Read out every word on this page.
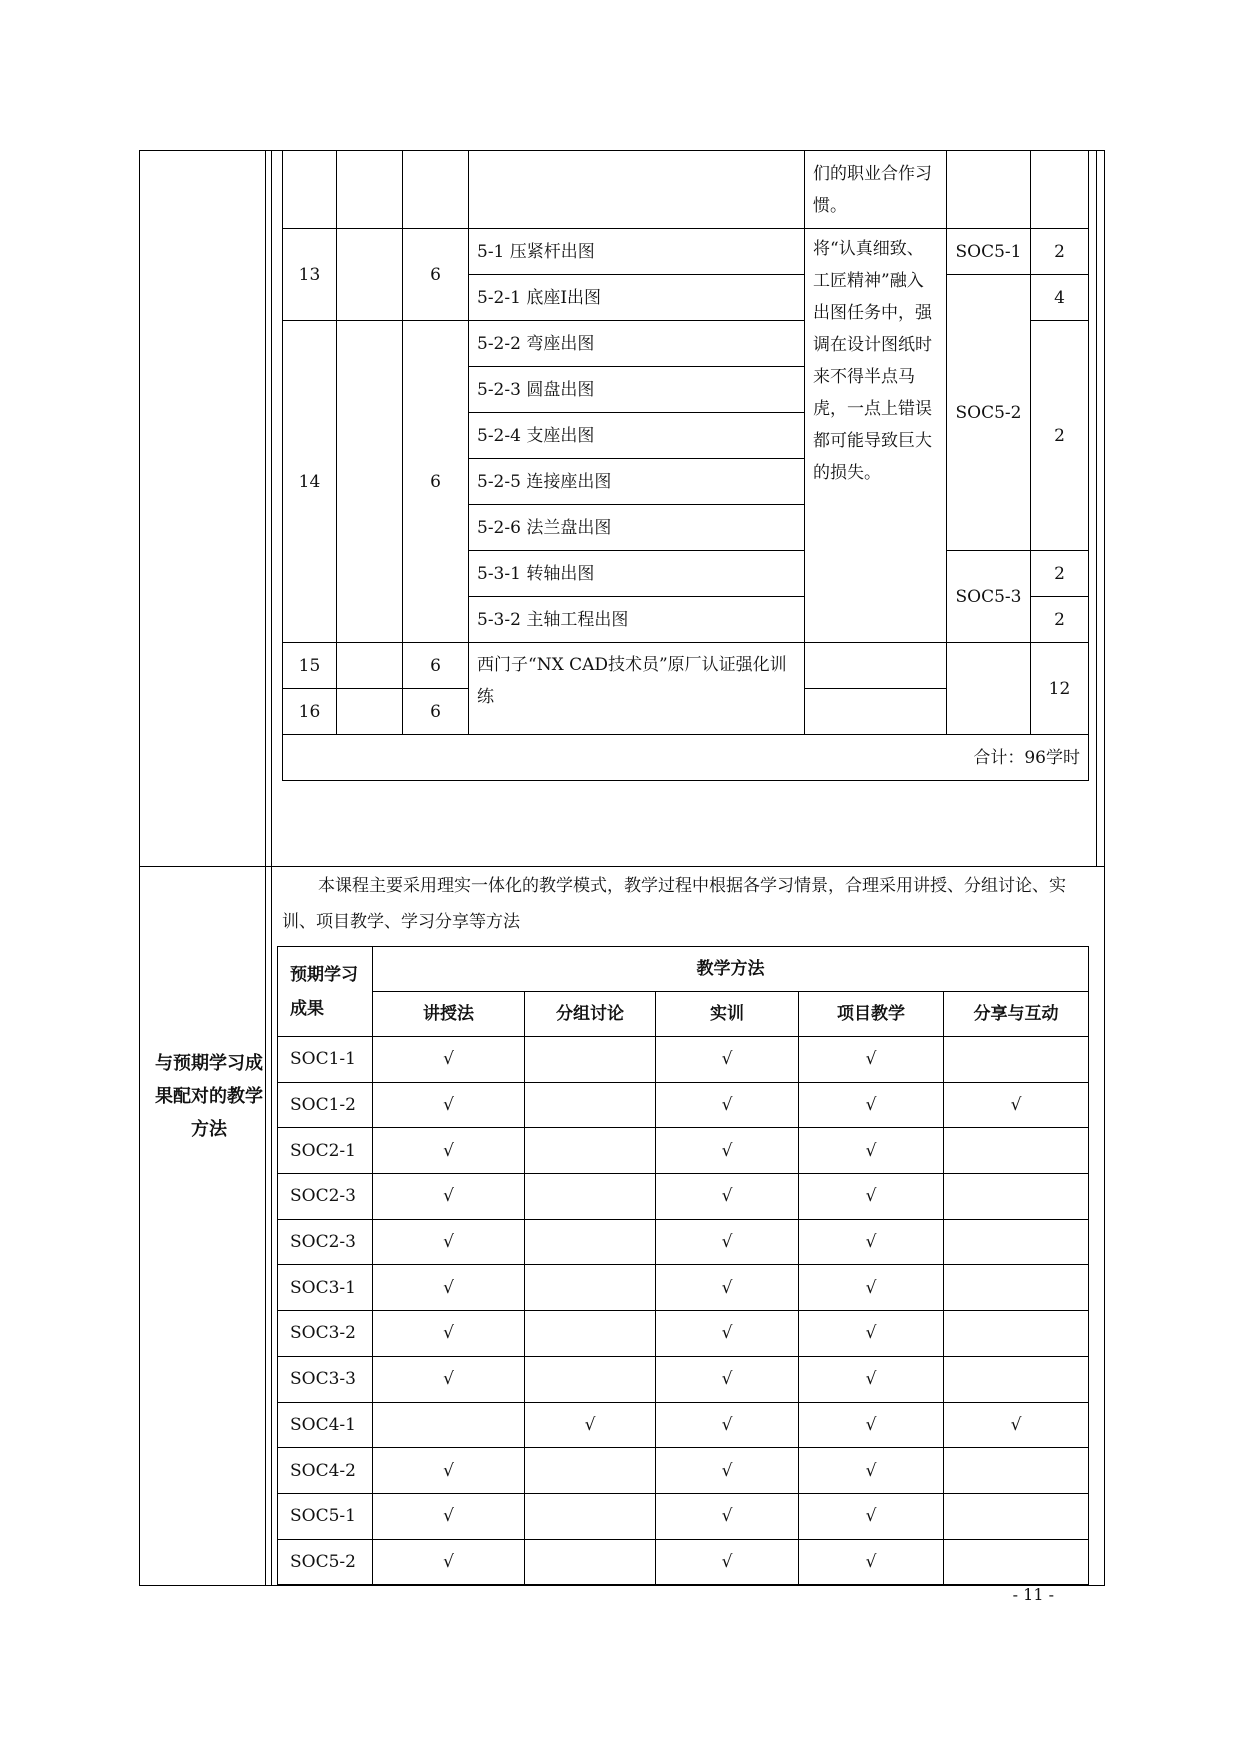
				们的职业合作习惯。		
13		6	5-1 压紧杆出图	将“认真细致、工匠精神”融入出图任务中，强调在设计图纸时来不得半点马虎，一点上错误都可能导致巨大的损失。	SOC5-1	2
			5-2-1 底座Ⅰ出图		SOC5-2	4
14		6	5-2-2 弯座出图			2
			5-2-3 圆盘出图			
			5-2-4 支座出图			
			5-2-5 连接座出图			
			5-2-6 法兰盘出图			
			5-3-1 转轴出图		SOC5-3	2
			5-3-2 主轴工程出图			2
15		6	西门子“NX CAD技术员”原厂认证强化训练			12
16		6				
合计：96学时						
与预期学习成果配对的教学方法
本课程主要采用理实一体化的教学模式，教学过程中根据各学习情景，合理采用讲授、分组讨论、实训、项目教学、学习分享等方法
预期学习成果	教学方法				
	讲授法	分组讨论	实训	项目教学	分享与互动
SOC1-1	√		√	√	
SOC1-2	√		√	√	√
SOC2-1	√		√	√	
SOC2-3	√		√	√	
SOC2-3	√		√	√	
SOC3-1	√		√	√	
SOC3-2	√		√	√	
SOC3-3	√		√	√	
SOC4-1		√	√	√	√
SOC4-2	√		√	√	
SOC5-1	√		√	√	
SOC5-2	√		√	√	
- 11 -
